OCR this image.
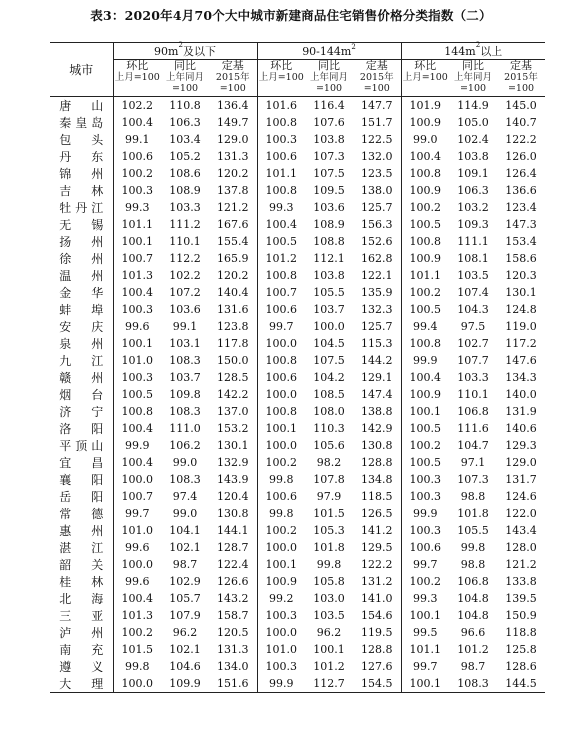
表3：2020年4月70个大中城市新建商品住宅销售价格分类指数（二）
城市	$90m^2$及以下			$90-144m^2$			$144m^2$以上		
	环比	同比	定基	环比	同比	定基	环比	同比	定基
	上月=100	上年同​月=100	2015​年=100	上月=100	上年同​月=100	2015​年=100	上月=100	上年同​月=100	2015​年=100
唐山	102.2	110.8	136.4	101.6	116.4	147.7	101.9	114.9	145.0
秦皇岛	100.4	106.3	149.7	100.8	107.6	151.7	100.9	105.0	140.7
包头	99.1	103.4	129.0	100.3	103.8	122.5	99.0	102.4	122.2
丹东	100.6	105.2	131.3	100.6	107.3	132.0	100.4	103.8	126.0
锦州	100.2	108.6	120.2	101.1	107.5	123.5	100.8	109.1	126.4
吉林	100.3	108.9	137.8	100.8	109.5	138.0	100.9	106.3	136.6
牡丹江	99.3	103.3	121.2	99.3	103.6	125.7	100.2	103.2	123.4
无锡	101.1	111.2	167.6	100.4	108.9	156.3	100.5	109.3	147.3
扬州	100.1	110.1	155.4	100.5	108.8	152.6	100.8	111.1	153.4
徐州	100.7	112.2	165.9	101.2	112.1	162.8	100.9	108.1	158.6
温州	101.3	102.2	120.2	100.8	103.8	122.1	101.1	103.5	120.3
金华	100.4	107.2	140.4	100.7	105.5	135.9	100.2	107.4	130.1
蚌埠	100.3	103.6	131.6	100.6	103.7	132.3	100.5	104.3	124.8
安庆	99.6	99.1	123.8	99.7	100.0	125.7	99.4	97.5	119.0
泉州	100.1	103.1	117.8	100.0	104.5	115.3	100.8	102.7	117.2
九江	101.0	108.3	150.0	100.8	107.5	144.2	99.9	107.7	147.6
赣州	100.3	103.7	128.5	100.6	104.2	129.1	100.4	103.3	134.3
烟台	100.5	109.8	142.2	100.0	108.5	147.4	100.9	110.1	140.0
济宁	100.8	108.3	137.0	100.8	108.0	138.8	100.1	106.8	131.9
洛阳	100.4	111.0	153.2	100.1	110.3	142.9	100.5	111.6	140.6
平顶山	99.9	106.2	130.1	100.0	105.6	130.8	100.2	104.7	129.3
宜昌	100.4	99.0	132.9	100.2	98.2	128.8	100.5	97.1	129.0
襄阳	100.0	108.3	143.9	99.8	107.8	134.8	100.3	107.3	131.7
岳阳	100.7	97.4	120.4	100.6	97.9	118.5	100.3	98.8	124.6
常德	99.7	99.0	130.8	99.8	101.5	126.5	99.9	101.8	122.0
惠州	101.0	104.1	144.1	100.2	105.3	141.2	100.3	105.5	143.4
湛江	99.6	102.1	128.7	100.0	101.8	129.5	100.6	99.8	128.0
韶关	100.0	98.7	122.4	100.1	99.8	122.2	99.7	98.8	121.2
桂林	99.6	102.9	126.6	100.9	105.8	131.2	100.2	106.8	133.8
北海	100.4	105.7	143.2	99.2	103.0	141.0	99.3	104.8	139.5
三亚	101.3	107.9	158.7	100.3	103.5	154.6	100.1	104.8	150.9
泸州	100.2	96.2	120.5	100.0	96.2	119.5	99.5	96.6	118.8
南充	101.5	102.1	131.3	101.0	100.1	128.8	101.1	101.2	125.8
遵义	99.8	104.6	134.0	100.3	101.2	127.6	99.7	98.7	128.6
大理	100.0	109.9	151.6	99.9	112.7	154.5	100.1	108.3	144.5
